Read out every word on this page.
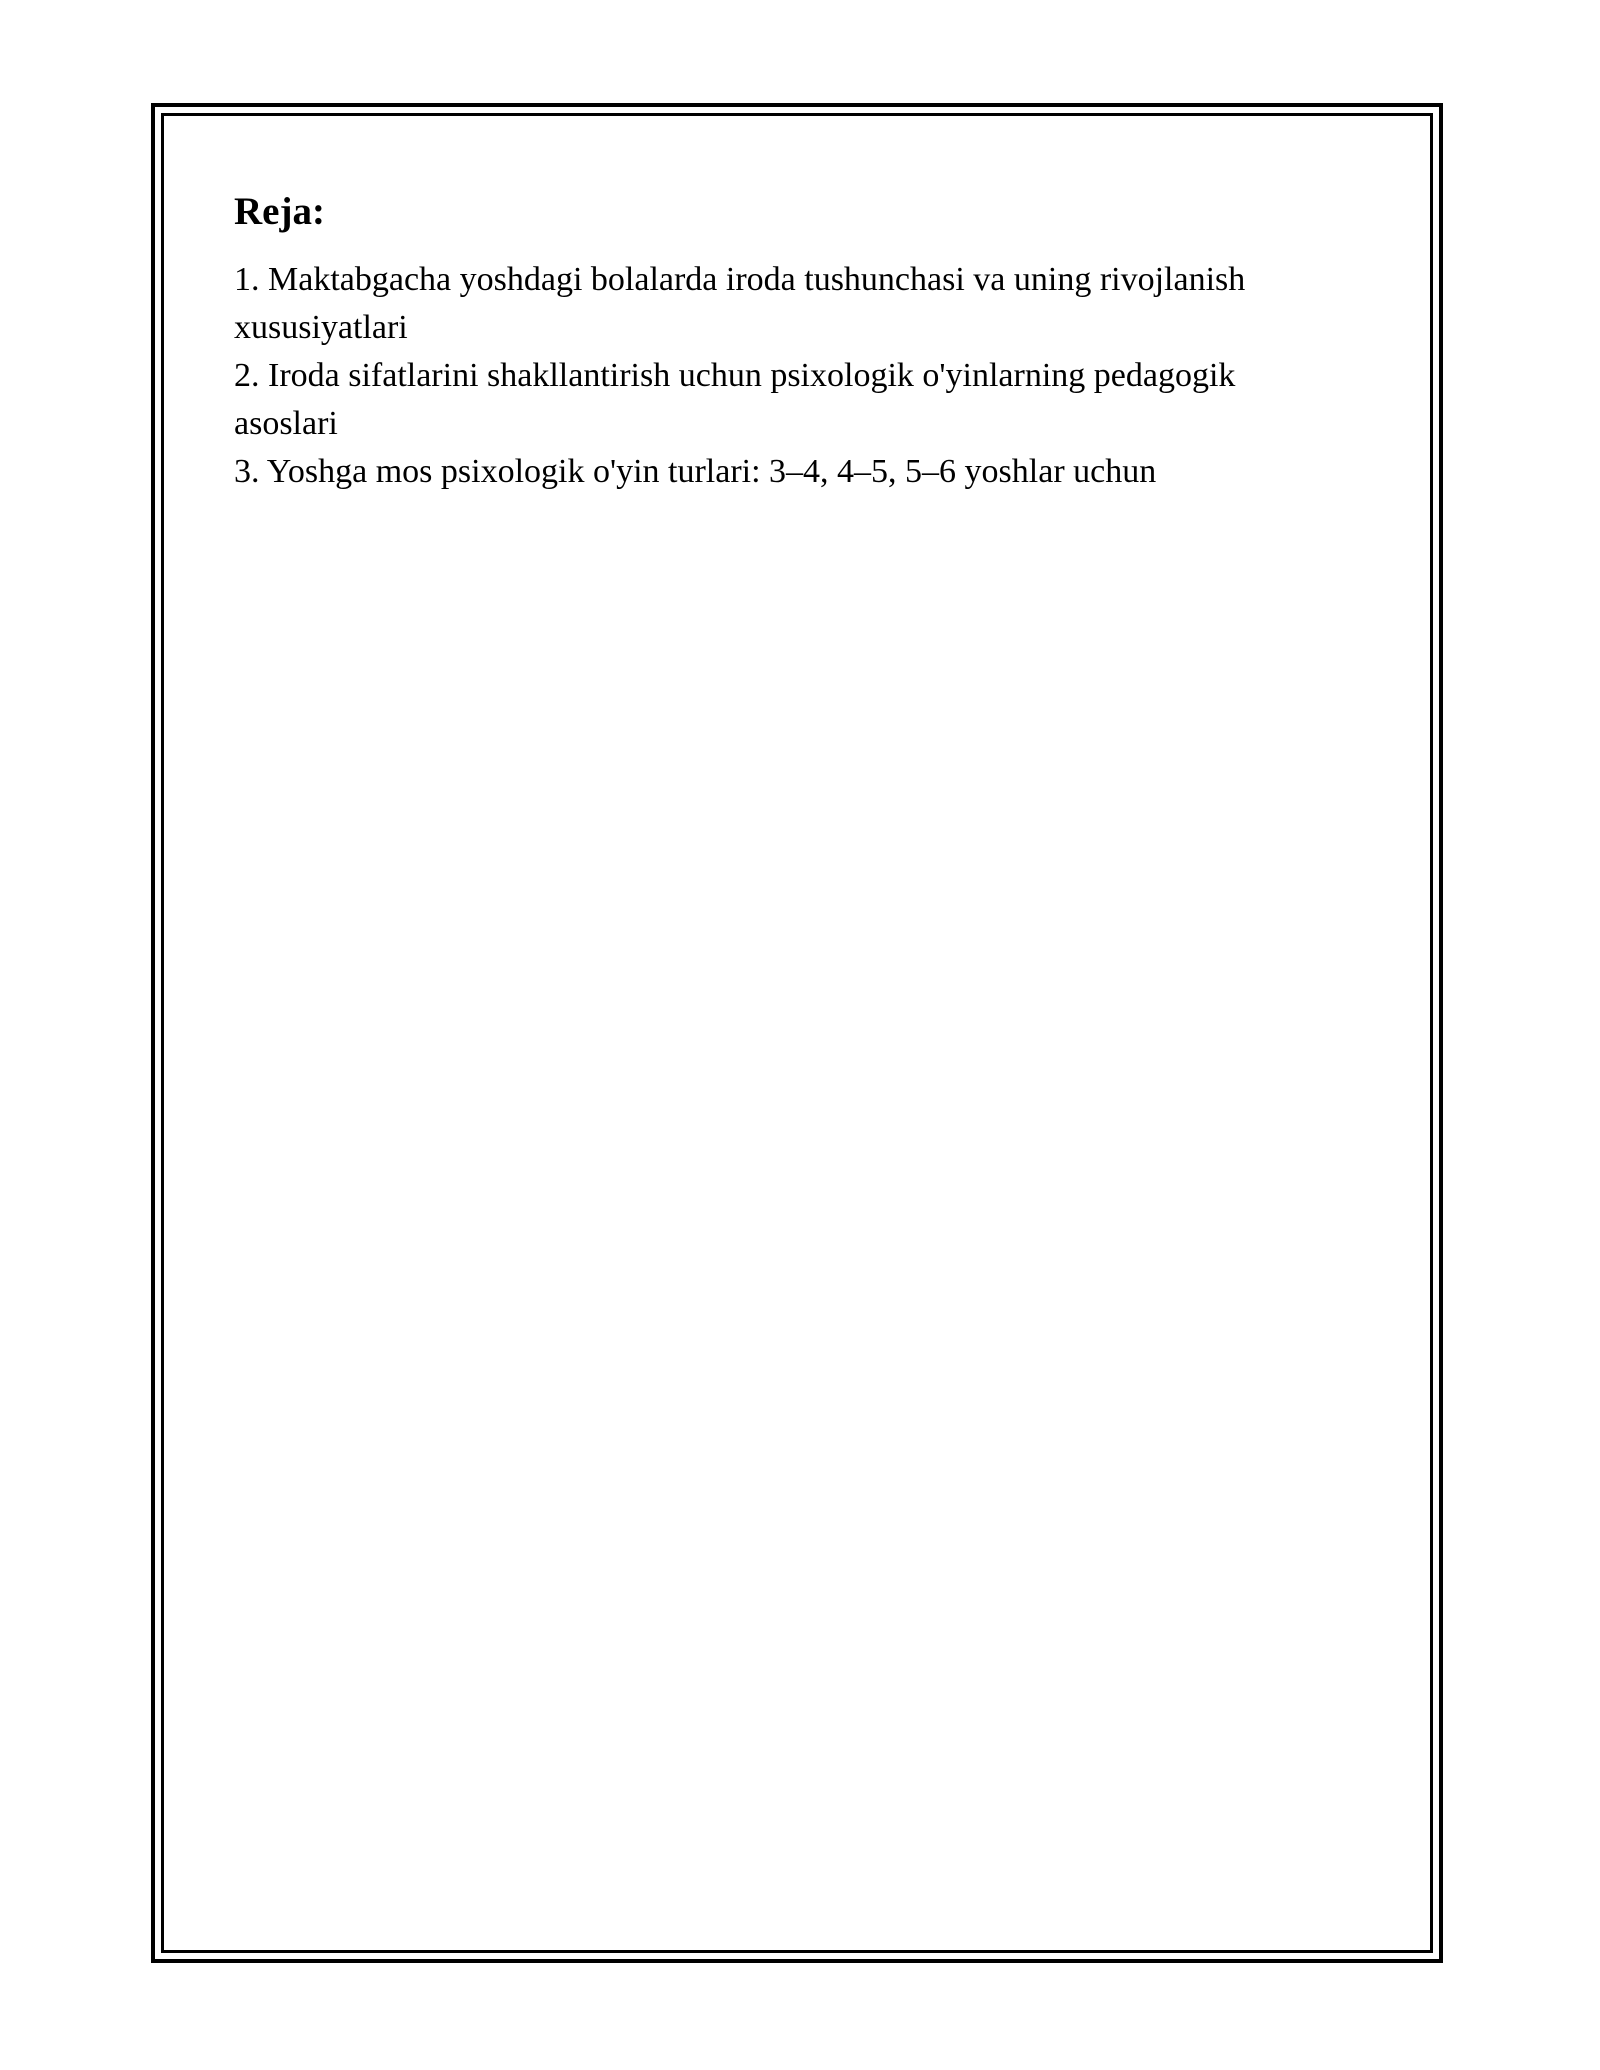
Reja:
1. Maktabgacha yoshdagi bolalarda iroda tushunchasi va uning rivojlanish xususiyatlari
2. Iroda sifatlarini shakllantirish uchun psixologik o'yinlarning pedagogik asoslari
3. Yoshga mos psixologik o'yin turlari: 3–4, 4–5, 5–6 yoshlar uchun
